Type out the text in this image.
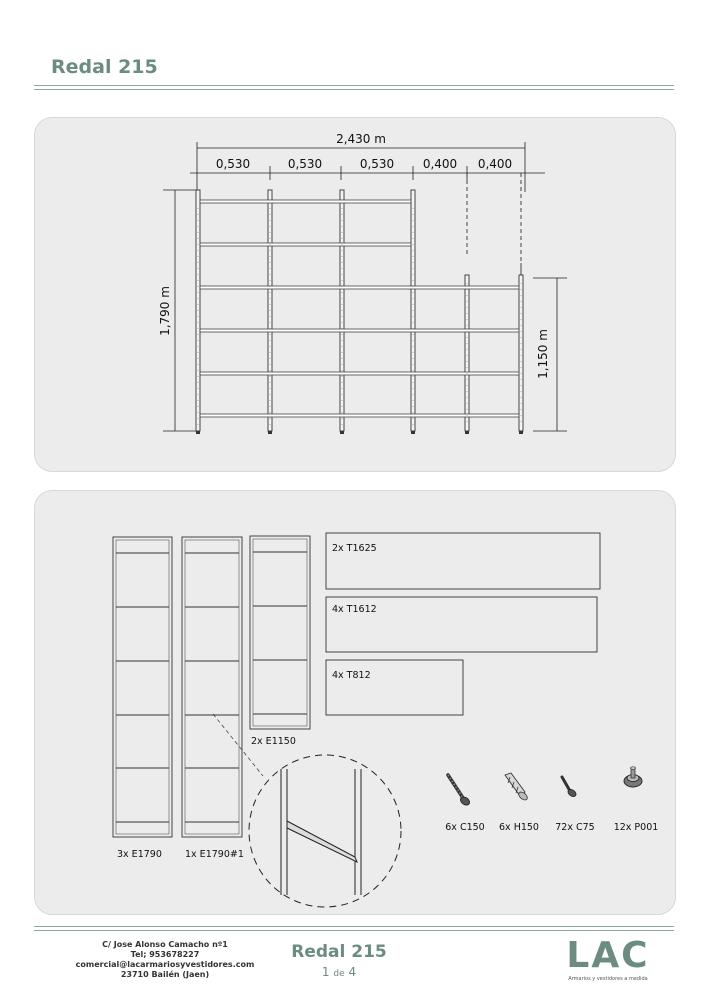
Redal 215
2,430 m
0,530	0,530	0,530 0,400 0,400
1,790 m
1,150 m
3x E1790 1x E1790#1
2x E1150
2x T1625
4x T1612
4x T812
6x C150 6x H150 72x C75 12x P001
C/ Jose Alonso Camacho nº1
Tel; 953678227
comercial@lacarmariosyvestidores.com
23710 Bailén (Jaen)
Redal 215
1 de 4	LAC
Armarios y vestidores a medida
